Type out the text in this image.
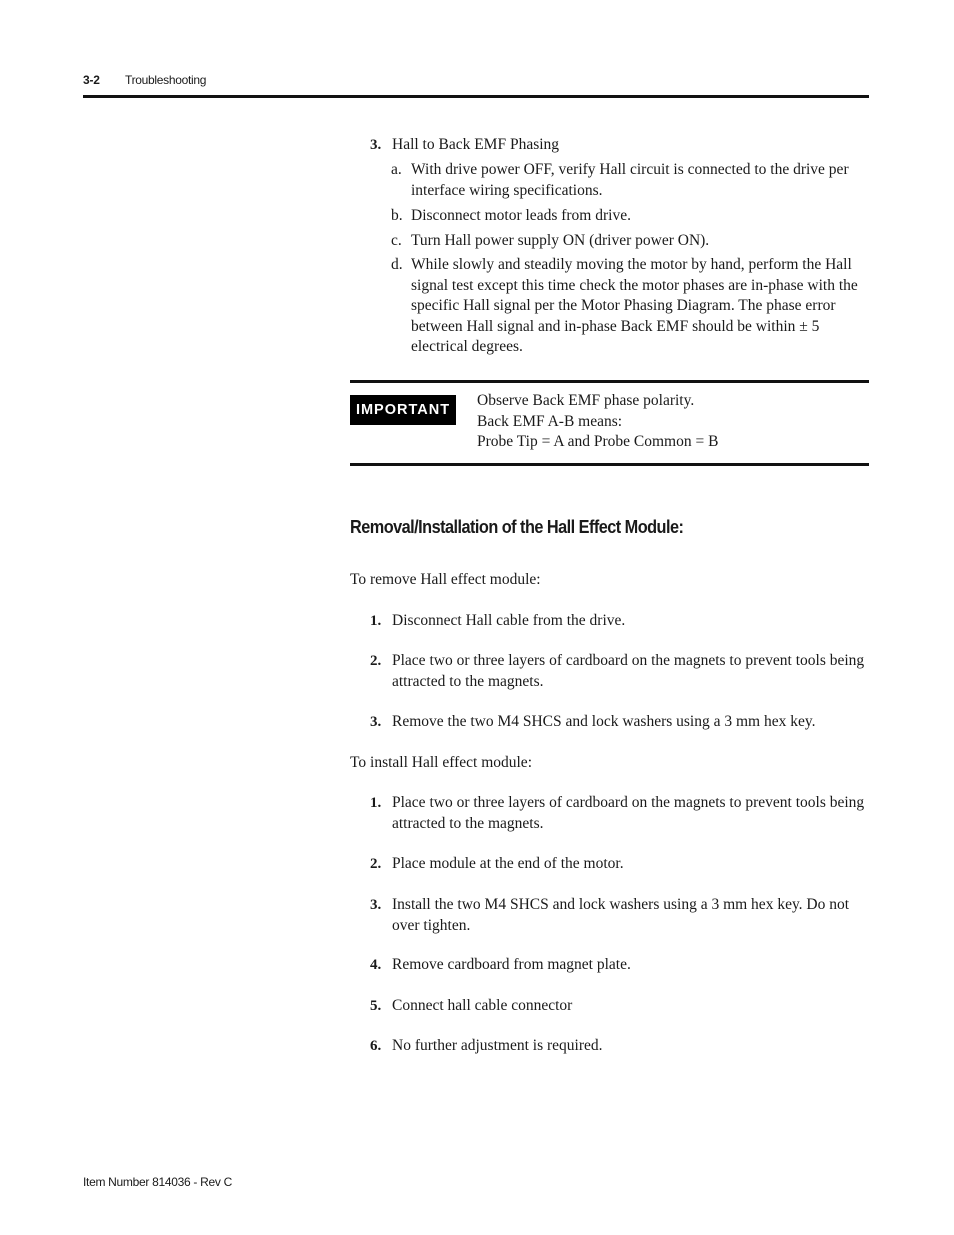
3-2 Troubleshooting
3. Hall to Back EMF Phasing
a. With drive power OFF, verify Hall circuit is connected to the drive per interface wiring specifications.
b. Disconnect motor leads from drive.
c. Turn Hall power supply ON (driver power ON).
d. While slowly and steadily moving the motor by hand, perform the Hall signal test except this time check the motor phases are in-phase with the specific Hall signal per the Motor Phasing Diagram. The phase error between Hall signal and in-phase Back EMF should be within ± 5 electrical degrees.
IMPORTANT
Observe Back EMF phase polarity.
Back EMF A-B means:
Probe Tip = A and Probe Common = B
Removal/Installation of the Hall Effect Module:
To remove Hall effect module:
1. Disconnect Hall cable from the drive.
2. Place two or three layers of cardboard on the magnets to prevent tools being attracted to the magnets.
3. Remove the two M4 SHCS and lock washers using a 3 mm hex key.
To install Hall effect module:
1. Place two or three layers of cardboard on the magnets to prevent tools being attracted to the magnets.
2. Place module at the end of the motor.
3. Install the two M4 SHCS and lock washers using a 3 mm hex key. Do not over tighten.
4. Remove cardboard from magnet plate.
5. Connect hall cable connector
6. No further adjustment is required.
Item Number 814036 - Rev C
